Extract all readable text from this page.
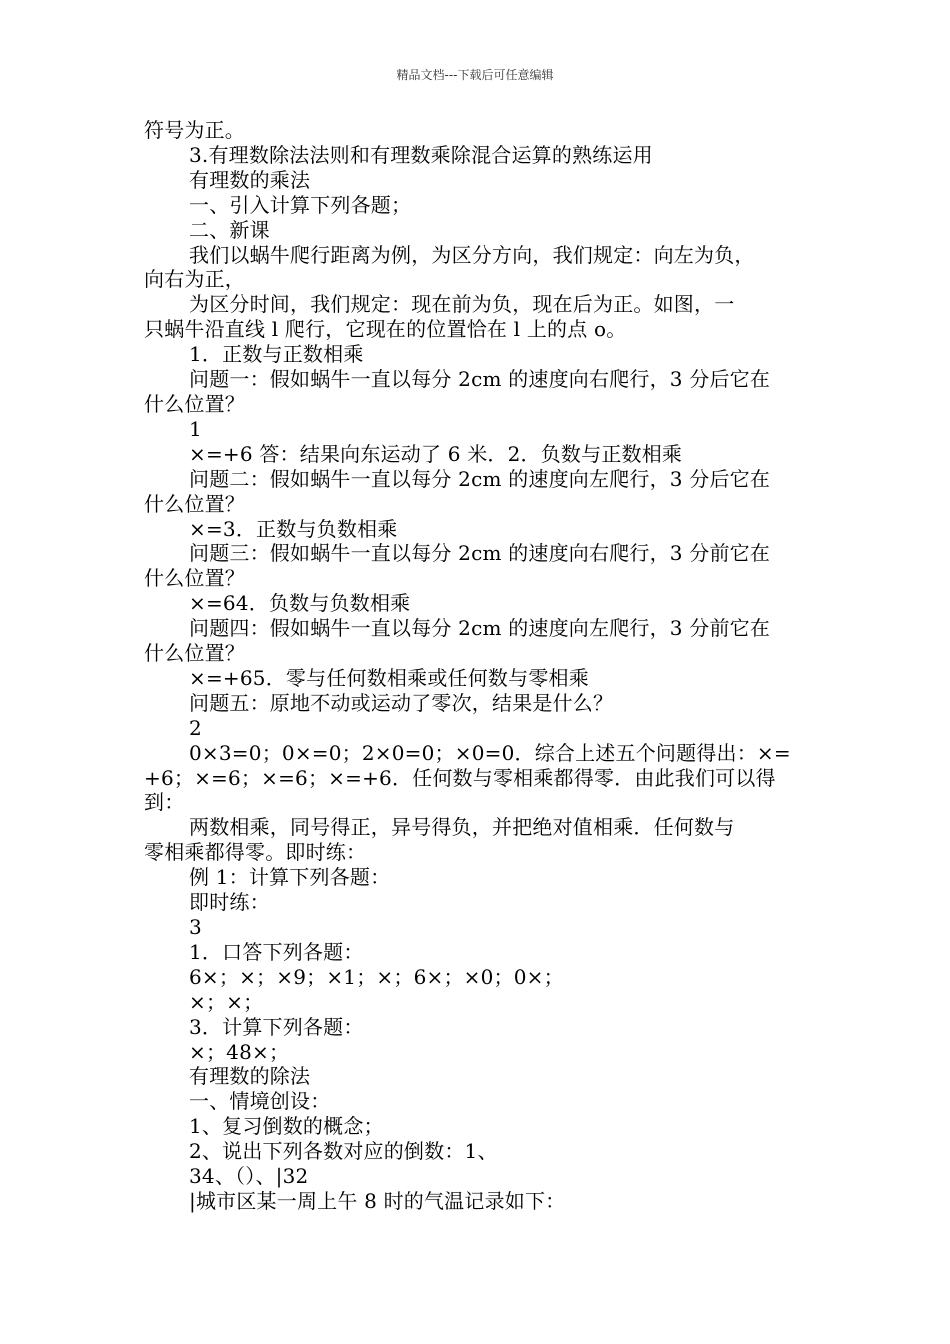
精品文档---下载后可任意编辑
符号为正。
3.有理数除法法则和有理数乘除混合运算的熟练运用
有理数的乘法
一、引入计算下列各题；
二、新课
我们以蜗牛爬行距离为例，为区分方向，我们规定：向左为负，
向右为正，
为区分时间，我们规定：现在前为负，现在后为正。如图，一
只蜗牛沿直线 l 爬行，它现在的位置恰在 l 上的点 o。
1．正数与正数相乘
问题一：假如蜗牛一直以每分 2cm 的速度向右爬行，3 分后它在
什么位置？
1
×=+6 答：结果向东运动了 6 米．2．负数与正数相乘
问题二：假如蜗牛一直以每分 2cm 的速度向左爬行，3 分后它在
什么位置？
×=3．正数与负数相乘
问题三：假如蜗牛一直以每分 2cm 的速度向右爬行，3 分前它在
什么位置？
×=64．负数与负数相乘
问题四：假如蜗牛一直以每分 2cm 的速度向左爬行，3 分前它在
什么位置？
×=+65．零与任何数相乘或任何数与零相乘
问题五：原地不动或运动了零次，结果是什么？
2
0×3=0；0×=0；2×0=0；×0=0．综合上述五个问题得出：×=
+6；×=6；×=6；×=+6．任何数与零相乘都得零．由此我们可以得
到：
两数相乘，同号得正，异号得负，并把绝对值相乘．任何数与
零相乘都得零。即时练：
例 1：计算下列各题：
即时练：
3
1．口答下列各题：
6×；×；×9；×1；×；6×；×0；0×；
×；×；
3．计算下列各题：
×；48×；
有理数的除法
一、情境创设：
1、复习倒数的概念；
2、说出下列各数对应的倒数：1、
34、（）、|32
|城市区某一周上午 8 时的气温记录如下：
